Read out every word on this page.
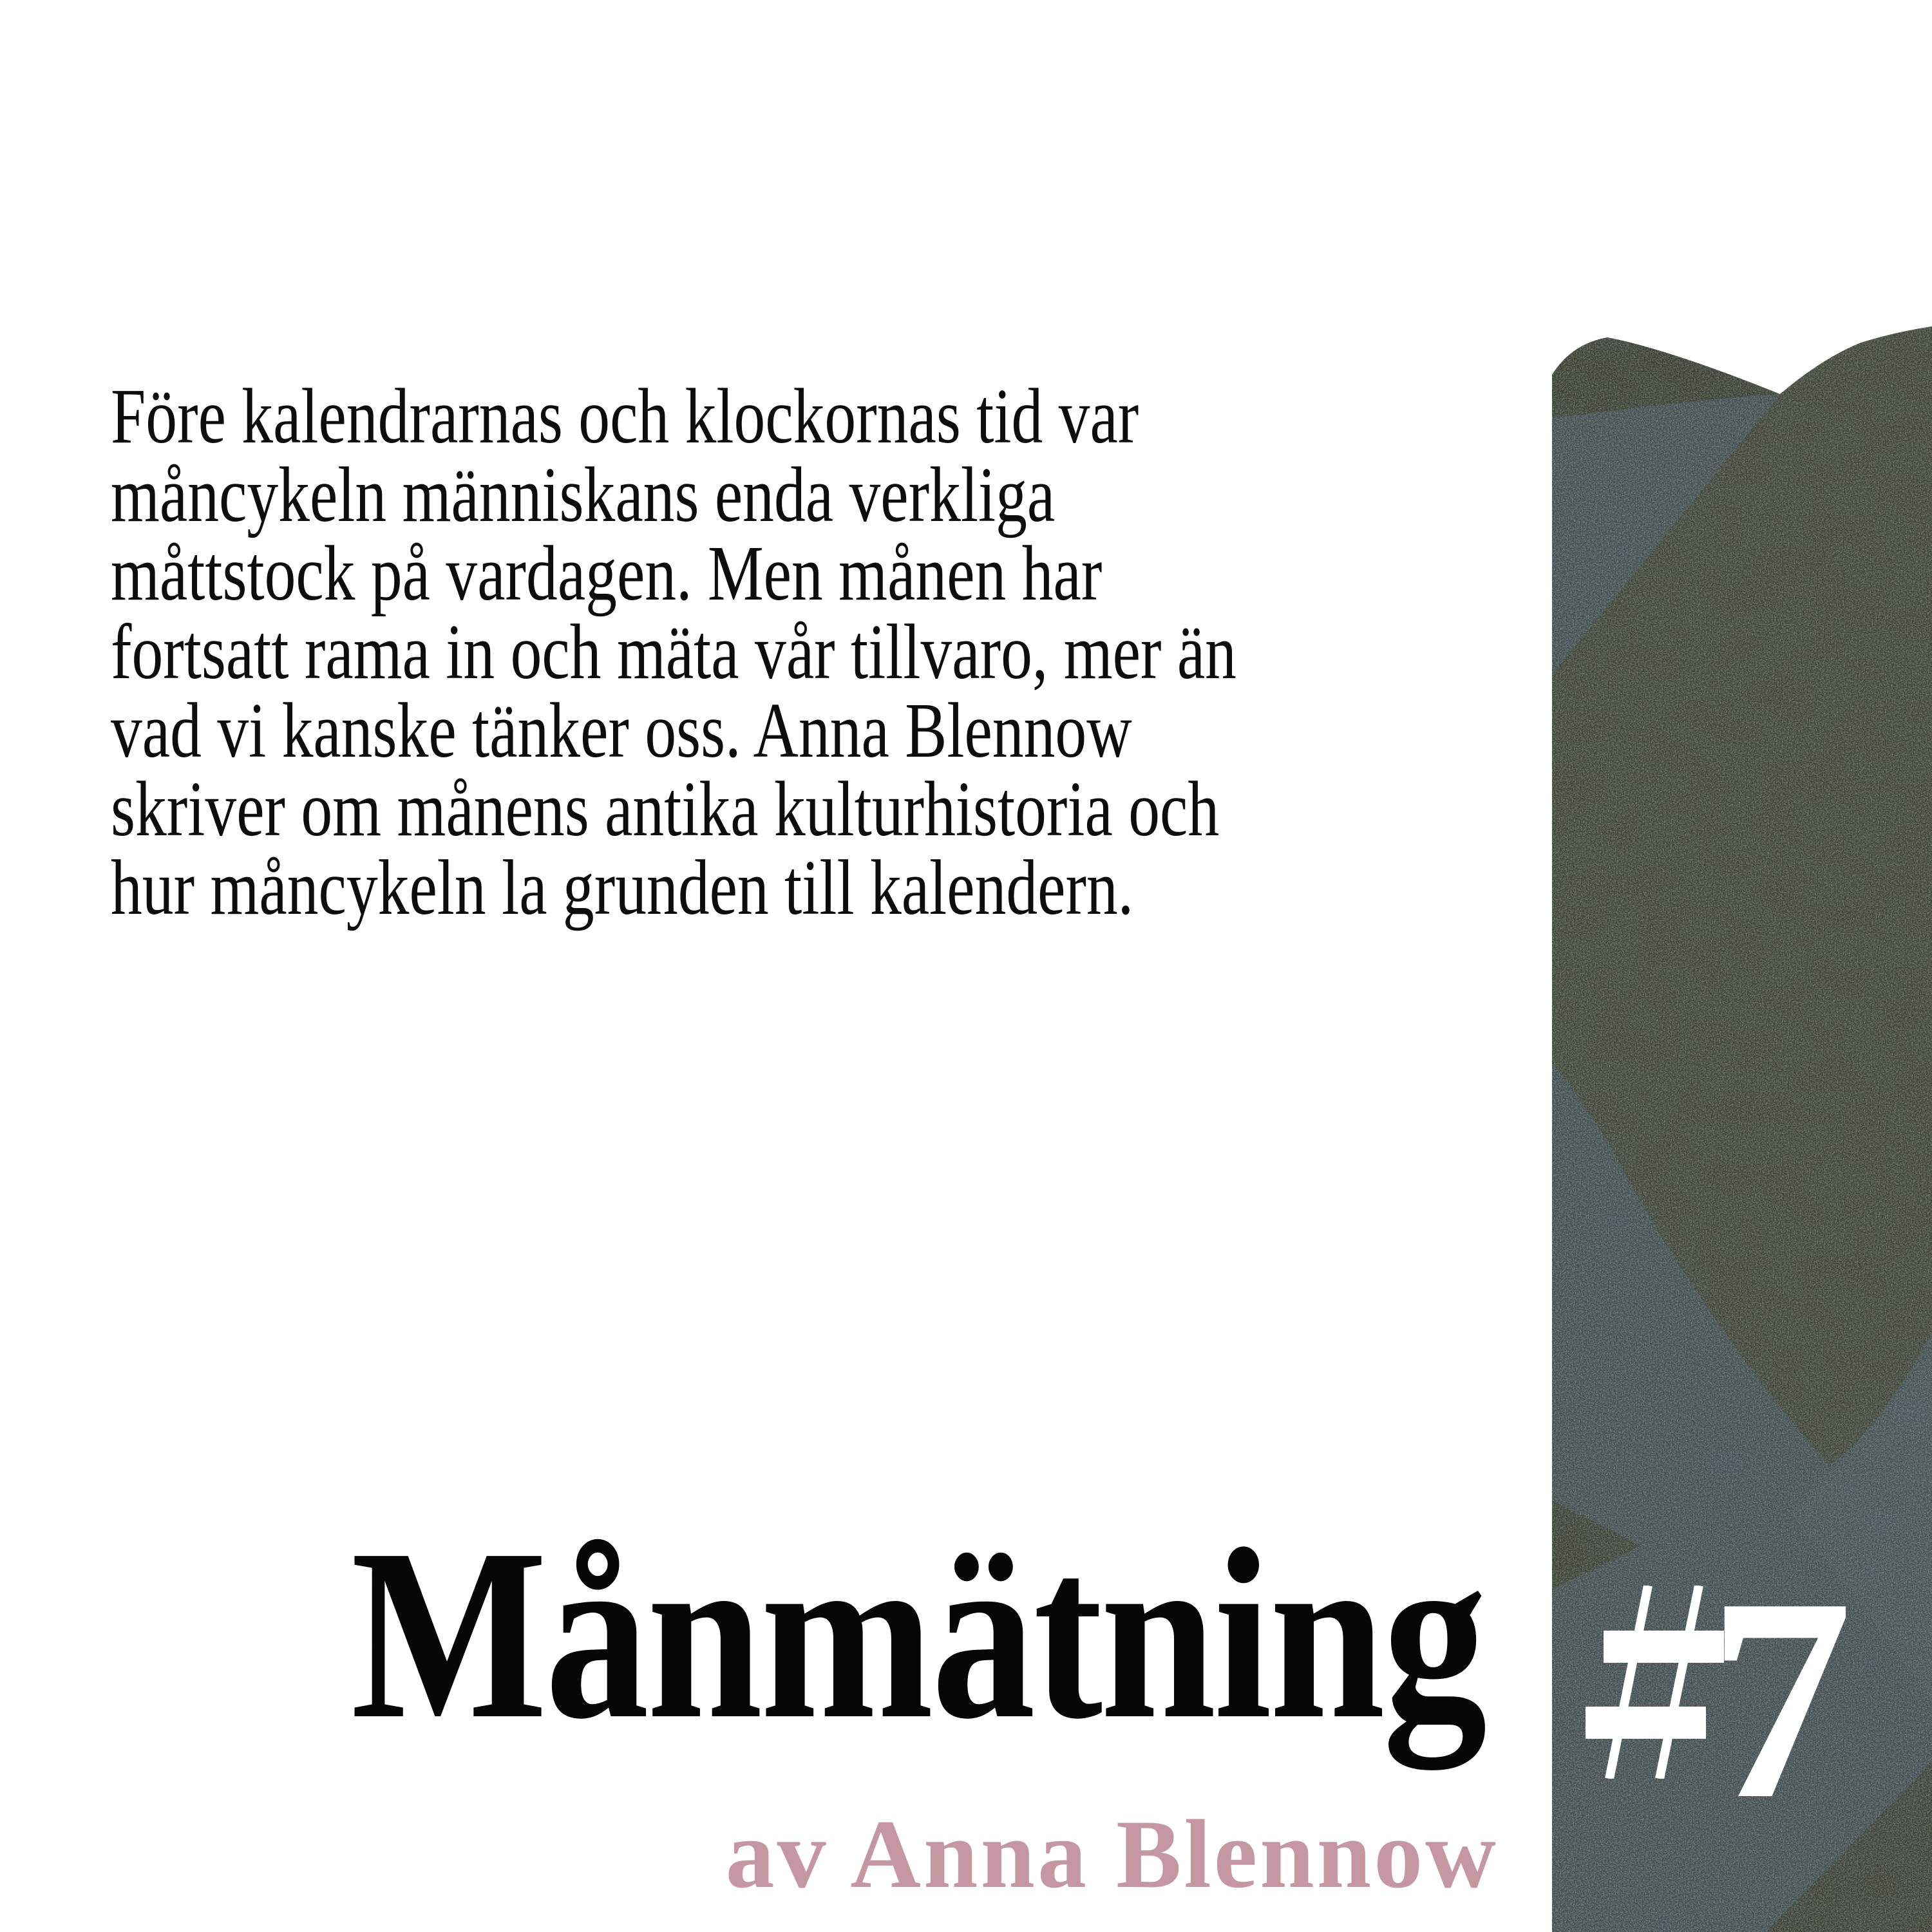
Före kalendrarnas och klockornas tid var
måncykeln människans enda verkliga
måttstock på vardagen. Men månen har
fortsatt rama in och mäta vår tillvaro, mer än
vad vi kanske tänker oss. Anna Blennow
skriver om månens antika kulturhistoria och
hur måncykeln la grunden till kalendern.
Månmätning
av Anna Blennow 7
